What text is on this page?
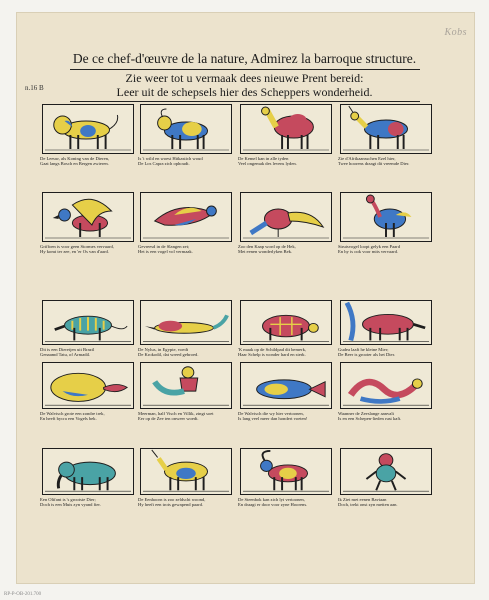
Kobs
De ce chef-d'œuvre de la nature, Admirez la barroque structure.
n.16 B
Zie weer tot u vermaak dees nieuwe Prent bereid:
Leer uit de schepsels hier des Scheppers wonderheid.
De Leeuw, als Koning van de Dieren,
Gaat langs Bosch en Bergen zwieren.
Is 't wild en woest Hitkastich woud
De Los Capra zich ophoudt.
De Kemel kan in alle tyden
Veel ongemak des levens lyden.
Zie d'Afrikaansschen Ezel hier,
Twee hoorens draagt dit vreemde Dier.
Griffoen is voor geen Stormes vervaard,
Hy komt ter zee, en 'er Os van d'aard.
Gevreesd in de Slangen zet;
Het is een vogel vol vermaak.
Zoo den Kaap word op de Hek,
Met eenen wonderlyken Bek.
Struisvogel loopt gelyk een Paard
En hy is ook voor mits vervaard.
Dit is een Dieretjen uit Brazil
Genaamd Tatu, of Armadil.
De Nylus, in Egypte, voedt
De Krokodil, dat wreed gebroed.
'K maak op de Schildpad dit bemerk,
Haar Schelp is wonder hard en sterk.
Gudea laaft he kleine Mier;
De Beer is grooter als het Dier.
De Walvisch grote een zondre trek,
En heeft bycra een Vogels bek.
Meerman, half Visch en Villik, zingt soet
Eer op de Zee ten onweer woedt.
De Walvisch die wy hier vertoonen,
Is lang veel meer dan hondert voeten!
Waanner de Zeeslange aanvalt
Is en een Schepen-lieden rust kaft.
Een Olifant is 's grootste Dier;
Doch is een Muis zyn vyand fier.
De Eenhoorn is zoo zeldscht woond,
Hy heeft een trots gewapend paard.
De Steenbok kan zich lyt vertoonen,
En draagt er door voor zyne Hoorens.
Ik Ziet met eenen Baviaan
Doch, trekt onst zyn metten aan.
RP-P-OB-201.700
